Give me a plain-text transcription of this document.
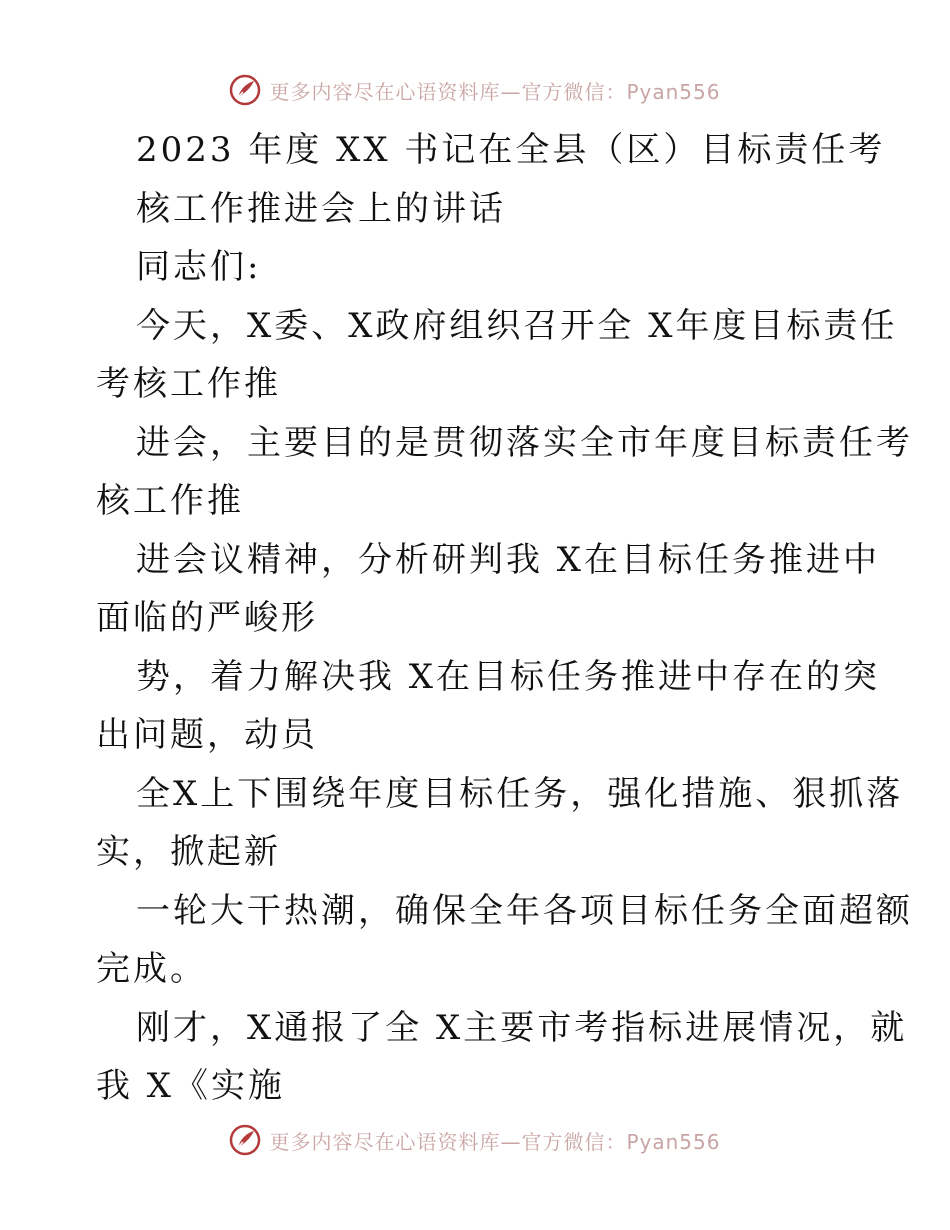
更多内容尽在心语资料库—官方微信：Pyan556
2023 年度 XX 书记在全县（区）目标责任考
核工作推进会上的讲话
同志们:
今天，X委、X政府组织召开全 X年度目标责任
考核工作推
进会，主要目的是贯彻落实全市年度目标责任考
核工作推
进会议精神，分析研判我 X在目标任务推进中
面临的严峻形
势，着力解决我 X在目标任务推进中存在的突
出问题，动员
全X上下围绕年度目标任务，强化措施、狠抓落
实，掀起新
一轮大干热潮，确保全年各项目标任务全面超额
完成。
刚才，X通报了全 X主要市考指标进展情况，就
我 X《实施
更多内容尽在心语资料库—官方微信：Pyan556
